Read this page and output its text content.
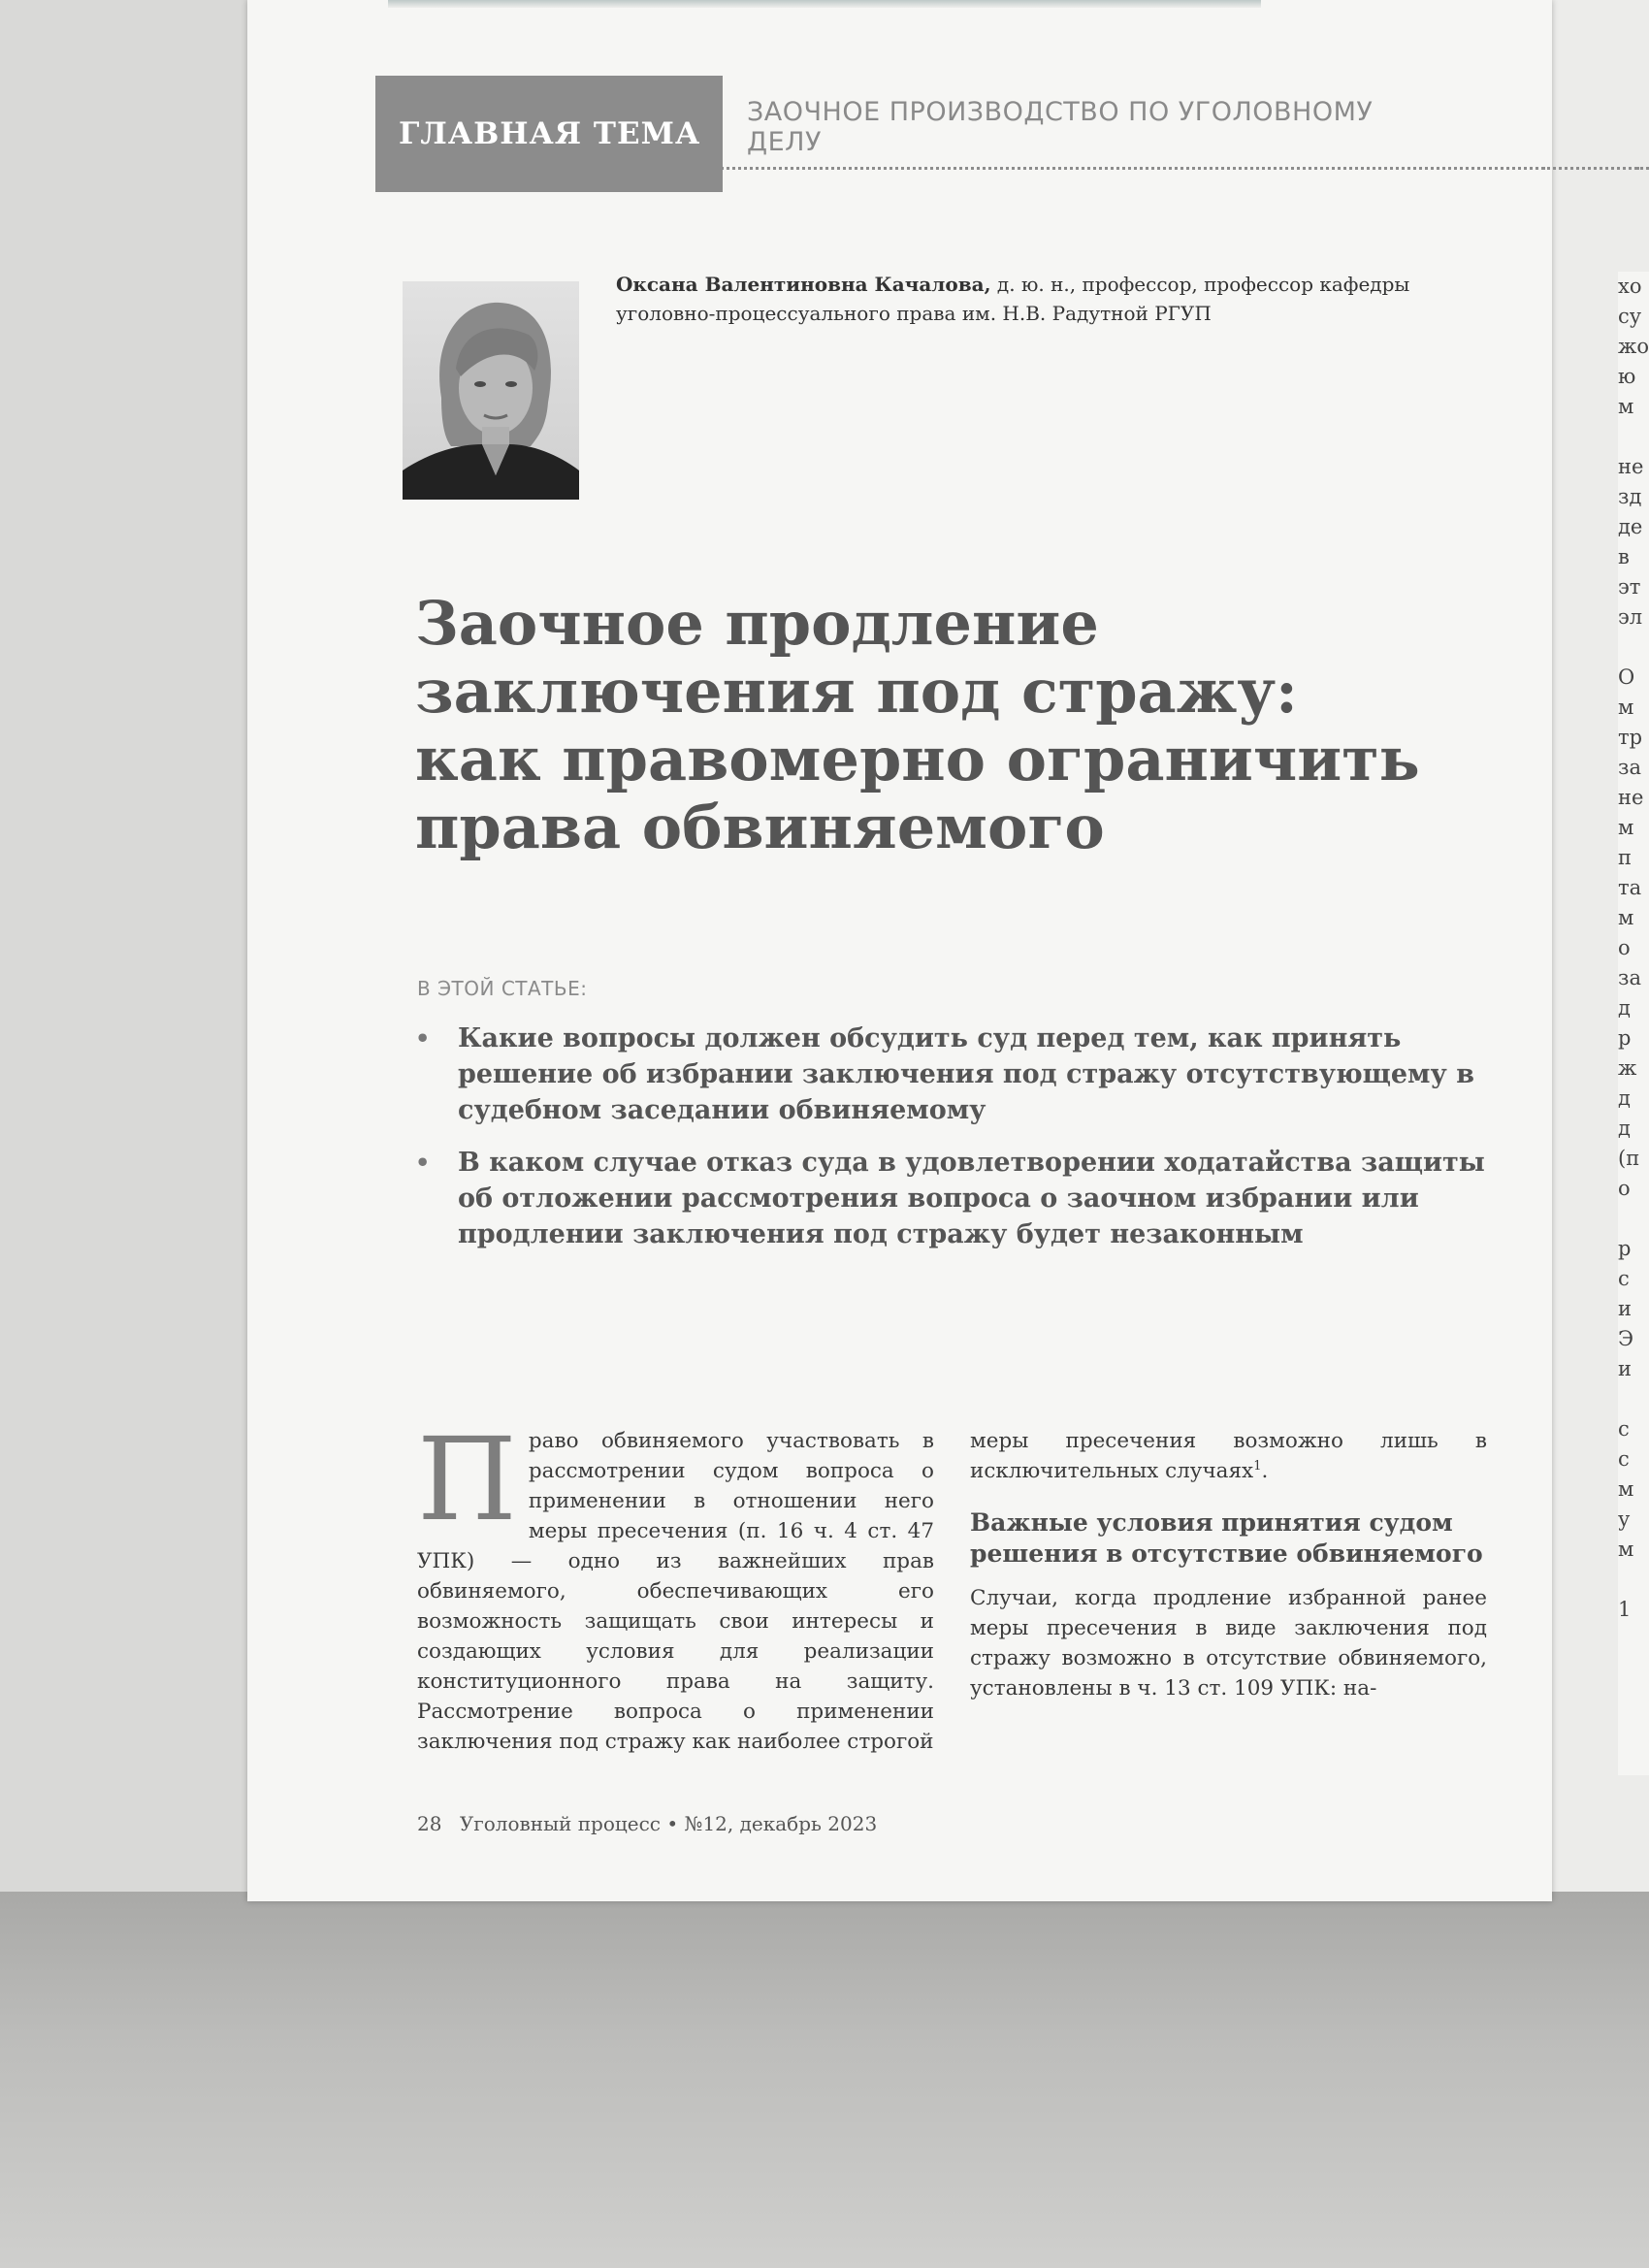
хо
су
жо
ю
м

не
зд
де
в
эт
эл

О
м
тр
за
не
м
п
та
м
о
за
д
р
ж
д
д
(п
о

р
с
и
Э
и

с
с
м
у
м

1
ГЛАВНАЯ ТЕМА
ЗАОЧНОЕ ПРОИЗВОДСТВО ПО УГОЛОВНОМУ ДЕЛУ
Оксана Валентиновна Качалова, д. ю. н., профессор, профессор кафедры уголовно-процессуального права им. Н.В. Радутной РГУП
Заочное продление
заключения под стражу:
как правомерно ограничить
права обвиняемого
В ЭТОЙ СТАТЬЕ:
• Какие вопросы должен обсудить суд перед тем, как принять решение об избрании заключения под стражу отсутствующему в судебном заседании обвиняемому
• В каком случае отказ суда в удовлетворении ходатайства защиты об отложении рассмотрения вопроса о заочном избрании или продлении заключения под стражу будет незаконным
Право обвиняемого участвовать в рассмотрении судом вопроса о применении в отношении него меры пресечения (п. 16 ч. 4 ст. 47 УПК) — одно из важнейших прав обвиняемого, обеспечивающих его возможность защищать свои интересы и создающих условия для реализации конституционного права на защиту. Рассмотрение вопроса о применении заключения под стражу как наиболее строгой

меры пресечения возможно лишь в исключительных случаях$^1$.

Важные условия принятия судом решения в отсутствие обвиняемого

Случаи, когда продление избранной ранее меры пресечения в виде заключения под стражу возможно в отсутствие обвиняемого, установлены в ч. 13 ст. 109 УПК: на-

28 Уголовный процесс • №12, декабрь 2023
